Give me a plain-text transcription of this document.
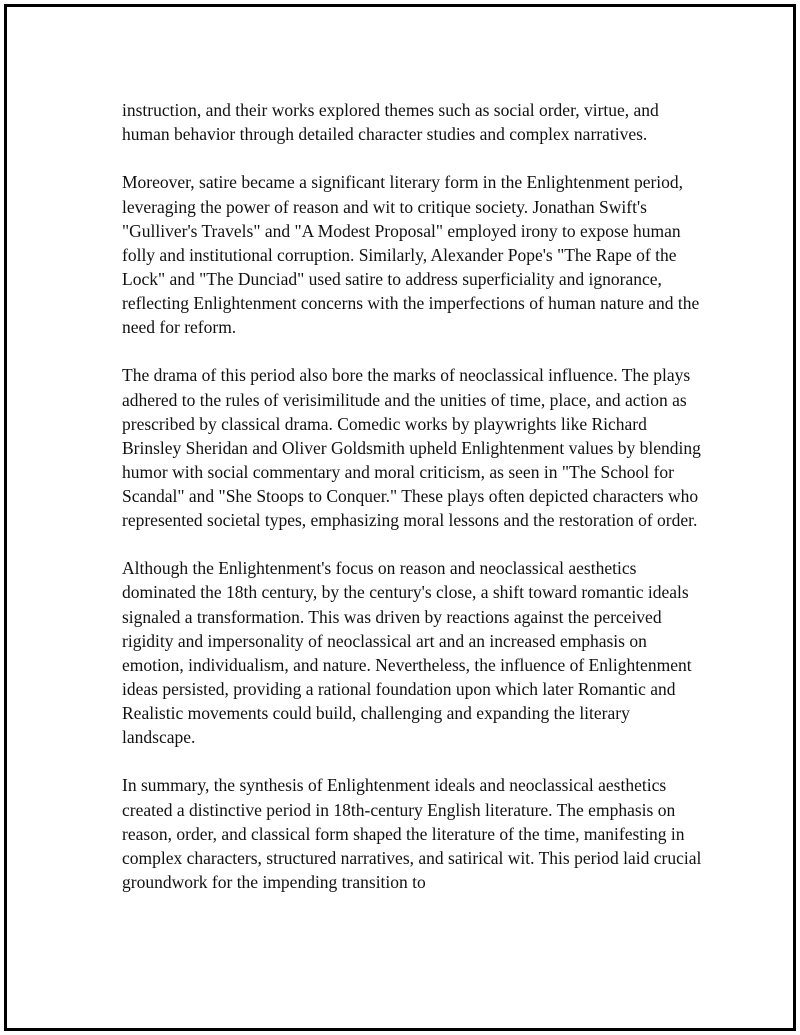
instruction, and their works explored themes such as social order, virtue, and human behavior through detailed character studies and complex narratives.

Moreover, satire became a significant literary form in the Enlightenment period, leveraging the power of reason and wit to critique society. Jonathan Swift's "Gulliver's Travels" and "A Modest Proposal" employed irony to expose human folly and institutional corruption. Similarly, Alexander Pope's "The Rape of the Lock" and "The Dunciad" used satire to address superficiality and ignorance, reflecting Enlightenment concerns with the imperfections of human nature and the need for reform.

The drama of this period also bore the marks of neoclassical influence. The plays adhered to the rules of verisimilitude and the unities of time, place, and action as prescribed by classical drama. Comedic works by playwrights like Richard Brinsley Sheridan and Oliver Goldsmith upheld Enlightenment values by blending humor with social commentary and moral criticism, as seen in "The School for Scandal" and "She Stoops to Conquer." These plays often depicted characters who represented societal types, emphasizing moral lessons and the restoration of order.

Although the Enlightenment's focus on reason and neoclassical aesthetics dominated the 18th century, by the century's close, a shift toward romantic ideals signaled a transformation. This was driven by reactions against the perceived rigidity and impersonality of neoclassical art and an increased emphasis on emotion, individualism, and nature. Nevertheless, the influence of Enlightenment ideas persisted, providing a rational foundation upon which later Romantic and Realistic movements could build, challenging and expanding the literary landscape.

In summary, the synthesis of Enlightenment ideals and neoclassical aesthetics created a distinctive period in 18th-century English literature. The emphasis on reason, order, and classical form shaped the literature of the time, manifesting in complex characters, structured narratives, and satirical wit. This period laid crucial groundwork for the impending transition to
